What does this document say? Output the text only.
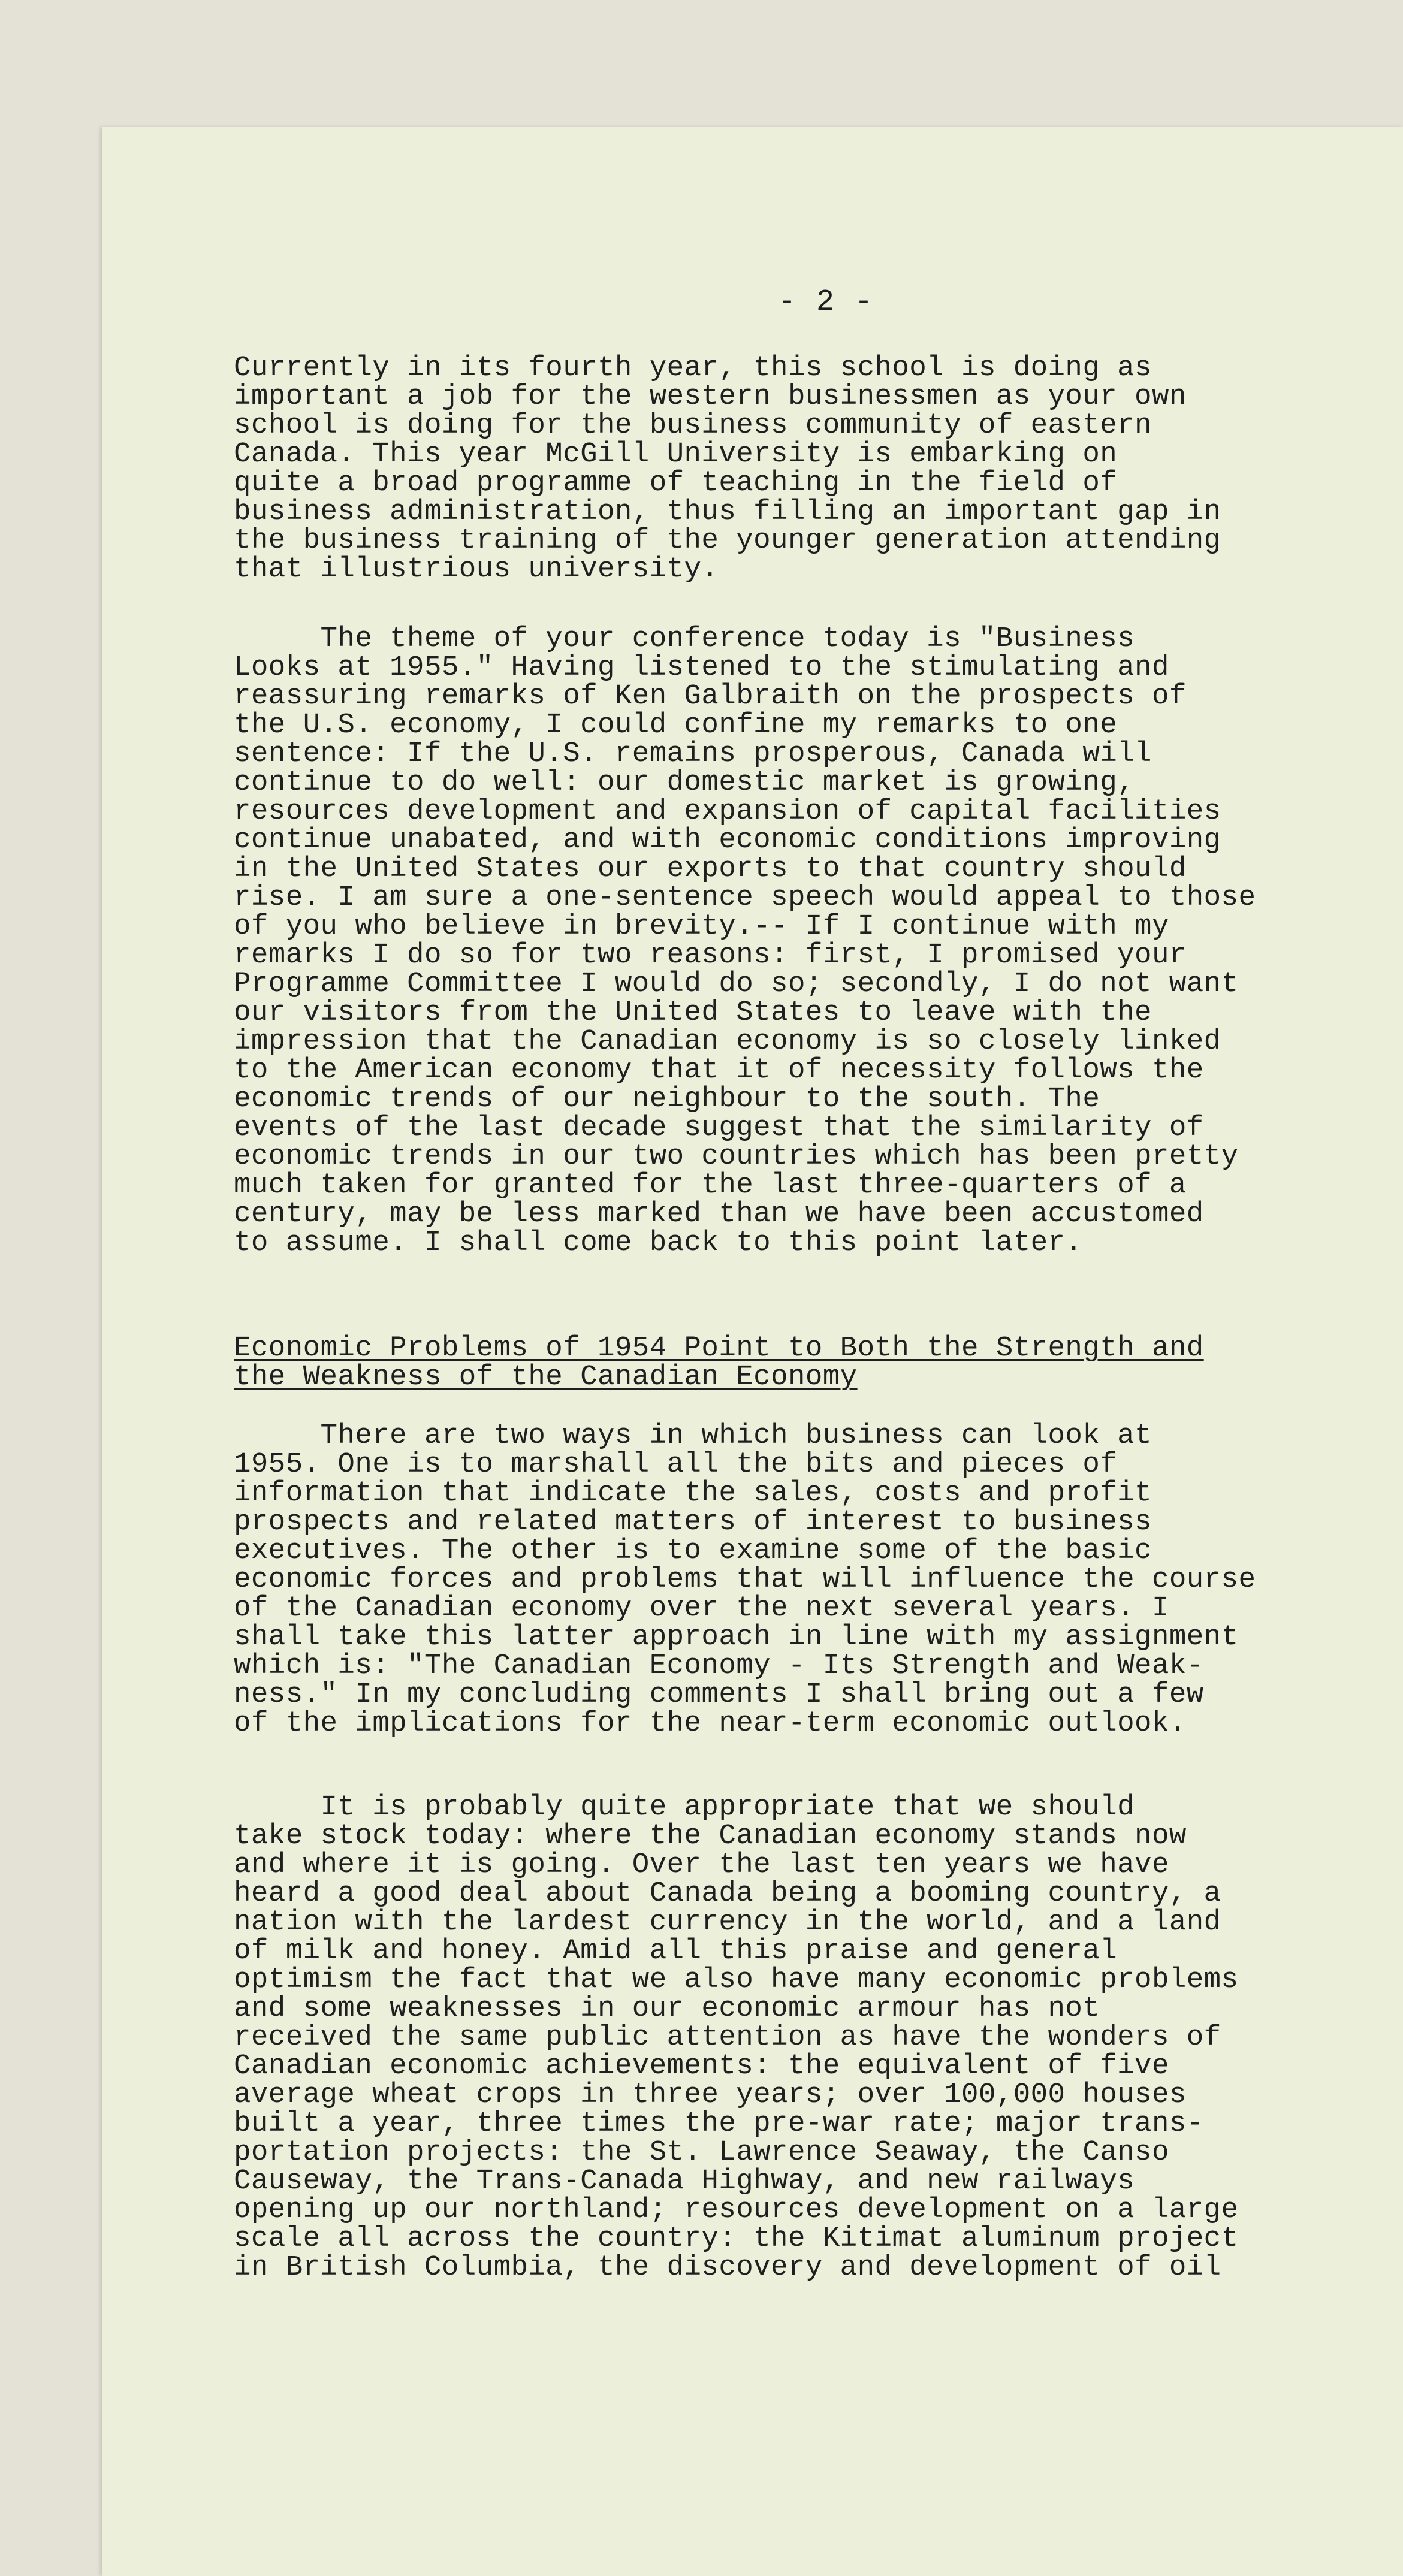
- 2 -

Currently in its fourth year, this school is doing as
important a job for the western businessmen as your own
school is doing for the business community of eastern
Canada. This year McGill University is embarking on
quite a broad programme of teaching in the field of
business administration, thus filling an important gap in
the business training of the younger generation attending
that illustrious university.

The theme of your conference today is "Business
Looks at 1955." Having listened to the stimulating and
reassuring remarks of Ken Galbraith on the prospects of
the U.S. economy, I could confine my remarks to one
sentence: If the U.S. remains prosperous, Canada will
continue to do well: our domestic market is growing,
resources development and expansion of capital facilities
continue unabated, and with economic conditions improving
in the United States our exports to that country should
rise. I am sure a one-sentence speech would appeal to those
of you who believe in brevity.-- If I continue with my
remarks I do so for two reasons: first, I promised your
Programme Committee I would do so; secondly, I do not want
our visitors from the United States to leave with the
impression that the Canadian economy is so closely linked
to the American economy that it of necessity follows the
economic trends of our neighbour to the south. The
events of the last decade suggest that the similarity of
economic trends in our two countries which has been pretty
much taken for granted for the last three-quarters of a
century, may be less marked than we have been accustomed
to assume. I shall come back to this point later.

Economic Problems of 1954 Point to Both the Strength and
the Weakness of the Canadian Economy

There are two ways in which business can look at
1955. One is to marshall all the bits and pieces of
information that indicate the sales, costs and profit
prospects and related matters of interest to business
executives. The other is to examine some of the basic
economic forces and problems that will influence the course
of the Canadian economy over the next several years. I
shall take this latter approach in line with my assignment
which is: "The Canadian Economy - Its Strength and Weak-
ness." In my concluding comments I shall bring out a few
of the implications for the near-term economic outlook.

It is probably quite appropriate that we should
take stock today: where the Canadian economy stands now
and where it is going. Over the last ten years we have
heard a good deal about Canada being a booming country, a
nation with the lardest currency in the world, and a land
of milk and honey. Amid all this praise and general
optimism the fact that we also have many economic problems
and some weaknesses in our economic armour has not
received the same public attention as have the wonders of
Canadian economic achievements: the equivalent of five
average wheat crops in three years; over 100,000 houses
built a year, three times the pre-war rate; major trans-
portation projects: the St. Lawrence Seaway, the Canso
Causeway, the Trans-Canada Highway, and new railways
opening up our northland; resources development on a large
scale all across the country: the Kitimat aluminum project
in British Columbia, the discovery and development of oil
